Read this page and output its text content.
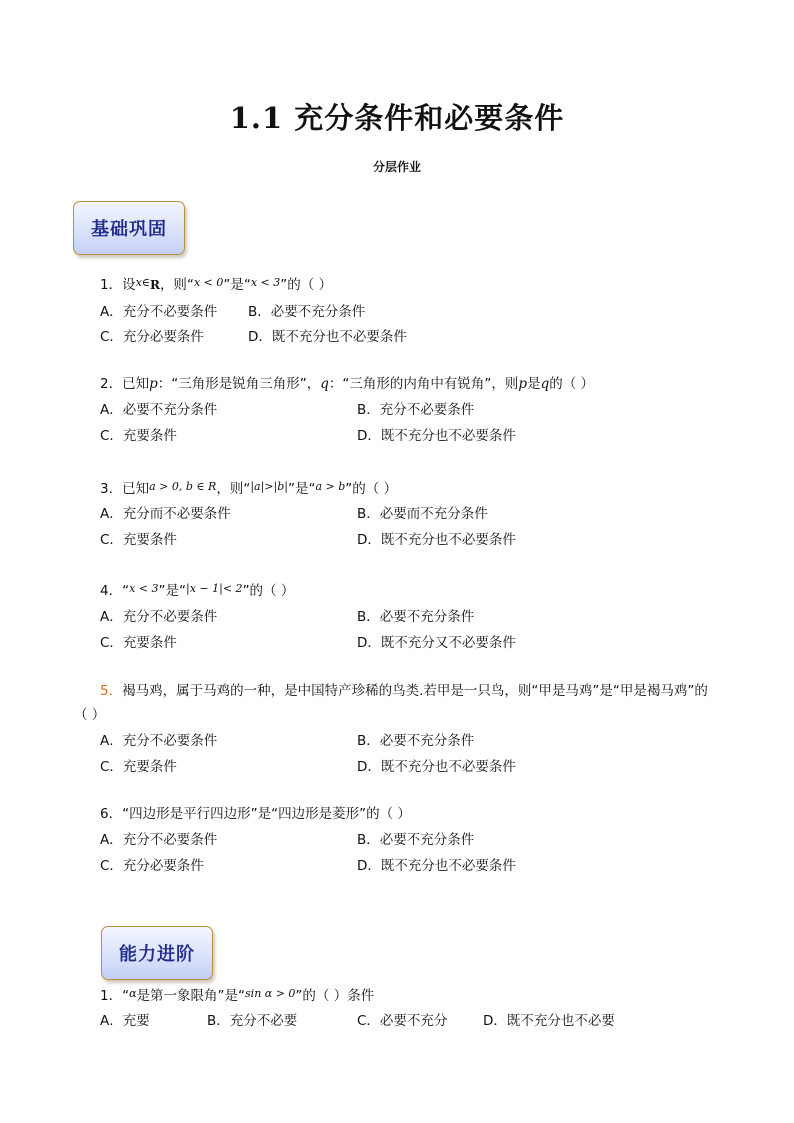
1.1 充分条件和必要条件
分层作业
基础巩固
1．设$^{x\in}$R，则“$^{x < 0}$”是“$^{x < 3}$”的（ ）
A．充分不必要条件 B．必要不充分条件
C．充分必要条件	D．既不充分也不必要条件
2．已知p：“三角形是锐角三角形”，q：“三角形的内角中有锐角”，则p是q的（ ）
A．必要不充分条件	B．充分不必要条件
C．充要条件	D．既不充分也不必要条件
3．已知$^{a > 0, b \in R}$，则“$^{|a|>|b|}$”是“$^{a > b}$”的（ ）
A．充分而不必要条件	B．必要而不充分条件
C．充要条件	D．既不充分也不必要条件
4．“$^{x < 3}$”是“$^{|x - 1|< 2}$”的（ ）
A．充分不必要条件	B．必要不充分条件
C．充要条件	D．既不充分又不必要条件
5．褐马鸡，属于马鸡的一种，是中国特产珍稀的鸟类.若甲是一只鸟，则“甲是马鸡”是“甲是褐马鸡”的
（ ）
A．充分不必要条件	B．必要不充分条件
C．充要条件	D．既不充分也不必要条件
6．“四边形是平行四边形”是“四边形是菱形”的（ ）
A．充分不必要条件	B．必要不充分条件
C．充分必要条件	D．既不充分也不必要条件
能力进阶
1．“$^\alpha$是第一象限角”是“$^{sin \alpha > 0}$”的（ ）条件
A．充要	B．充分不必要	C．必要不充分	D．既不充分也不必要
